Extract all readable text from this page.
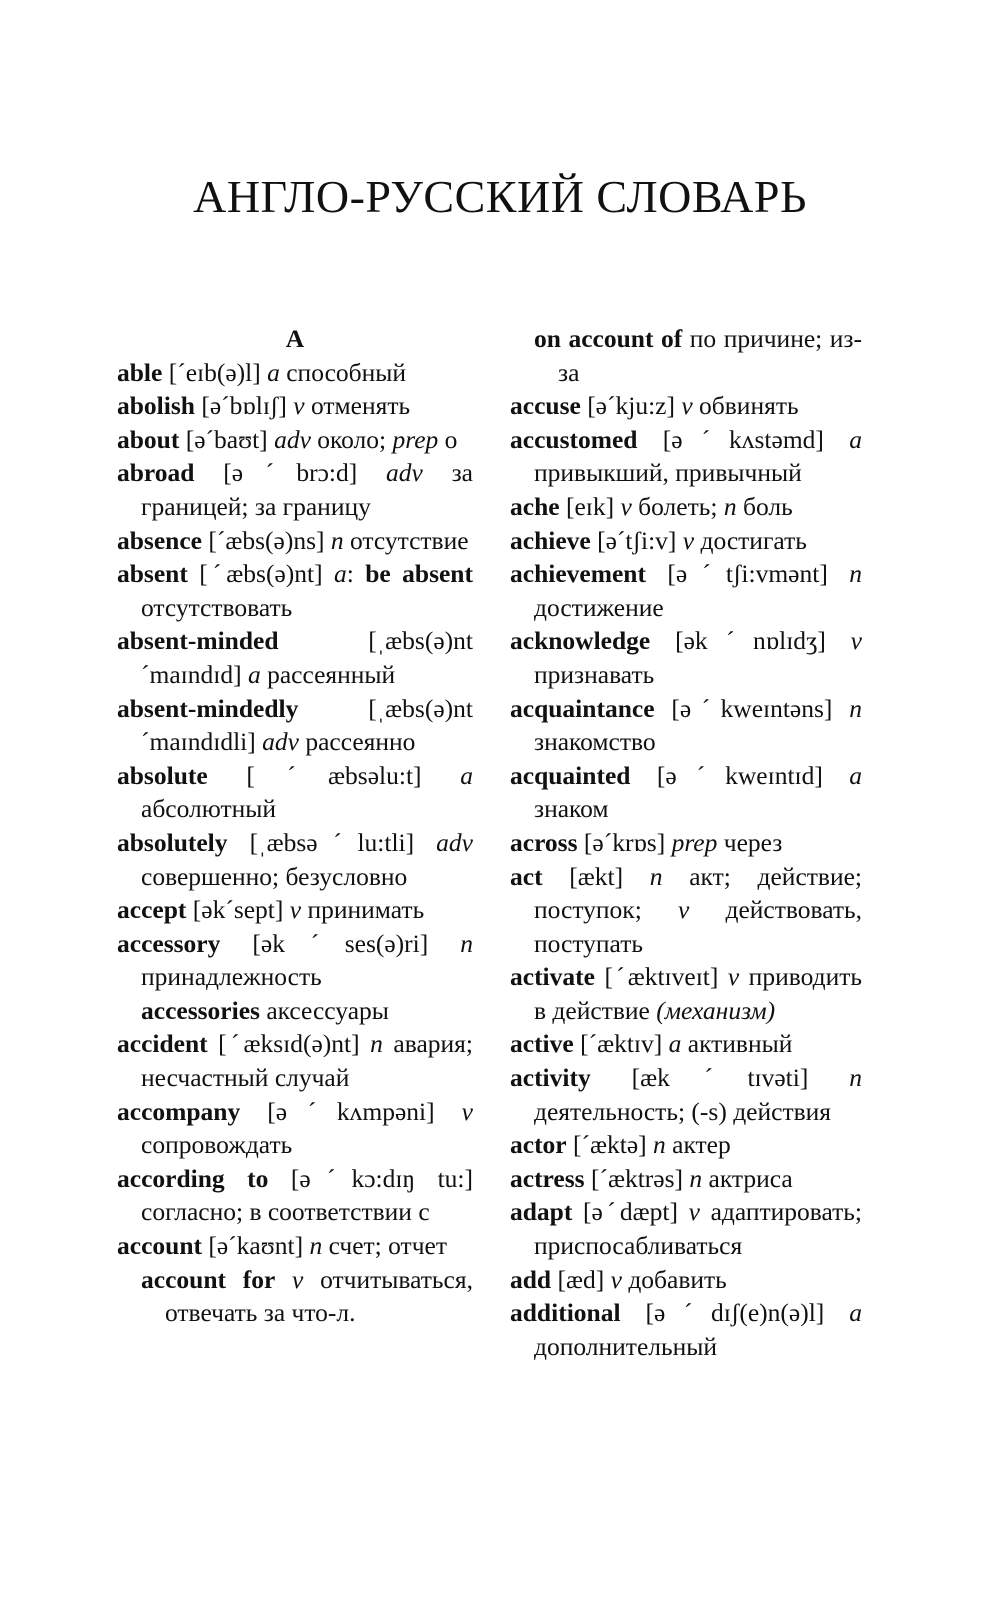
АНГЛО-РУССКИЙ СЛОВАРЬ

А

able [ˊeɪb(ə)l] a способный

abolish [əˊbɒlɪʃ] v отменять

about [əˊbaʊt] adv около; prep о

abroad [əˊbrɔ:d] adv за границей; за границу

absence [ˊæbs(ə)ns] n отсутствие

absent [ˊæbs(ə)nt] a: be absent отсутствовать

absent-minded [ˌæbs(ə)nt ˊmaɪndɪd] a рассеянный

absent-mindedly [ˌæbs(ə)nt ˊmaɪndɪdli] adv рассеянно

absolute [ˊæbsəlu:t] a абсолютный

absolutely [ˌæbsəˊlu:tli] adv совершенно; безусловно

accept [əkˊsept] v принимать

accessory [əkˊses(ə)ri] n принадлежность

accessories аксессуары

accident [ˊæksɪd(ə)nt] n авария; несчастный случай

accompany [əˊkʌmpəni] v сопровождать

according to [əˊkɔ:dɪŋ tu:] согласно; в соответствии с

account [əˊkaʊnt] n счет; отчет

account for v отчитываться, отвечать за что-л.

on account of по причине; из-за

accuse [əˊkju:z] v обвинять

accustomed [əˊkʌstəmd] a привыкший, привычный

ache [eɪk] v болеть; n боль

achieve [əˊtʃi:v] v достигать

achievement [əˊtʃi:vmənt] n достижение

acknowledge [əkˊnɒlɪdʒ] v признавать

acquaintance [əˊkweɪntəns] n знакомство

acquainted [əˊkweɪntɪd] a знаком

across [əˊkrɒs] prep через

act [ækt] n акт; действие; поступок; v действовать, поступать

activate [ˊæktɪveɪt] v приводить в действие (механизм)

active [ˊæktɪv] a активный

activity [ækˊtɪvəti] n деятельность; (-s) действия

actor [ˊæktə] n актер

actress [ˊæktrəs] n актриса

adapt [əˊdæpt] v адаптировать; приспосабливаться

add [æd] v добавить

additional [əˊdɪʃ(e)n(ə)l] a дополнительный
